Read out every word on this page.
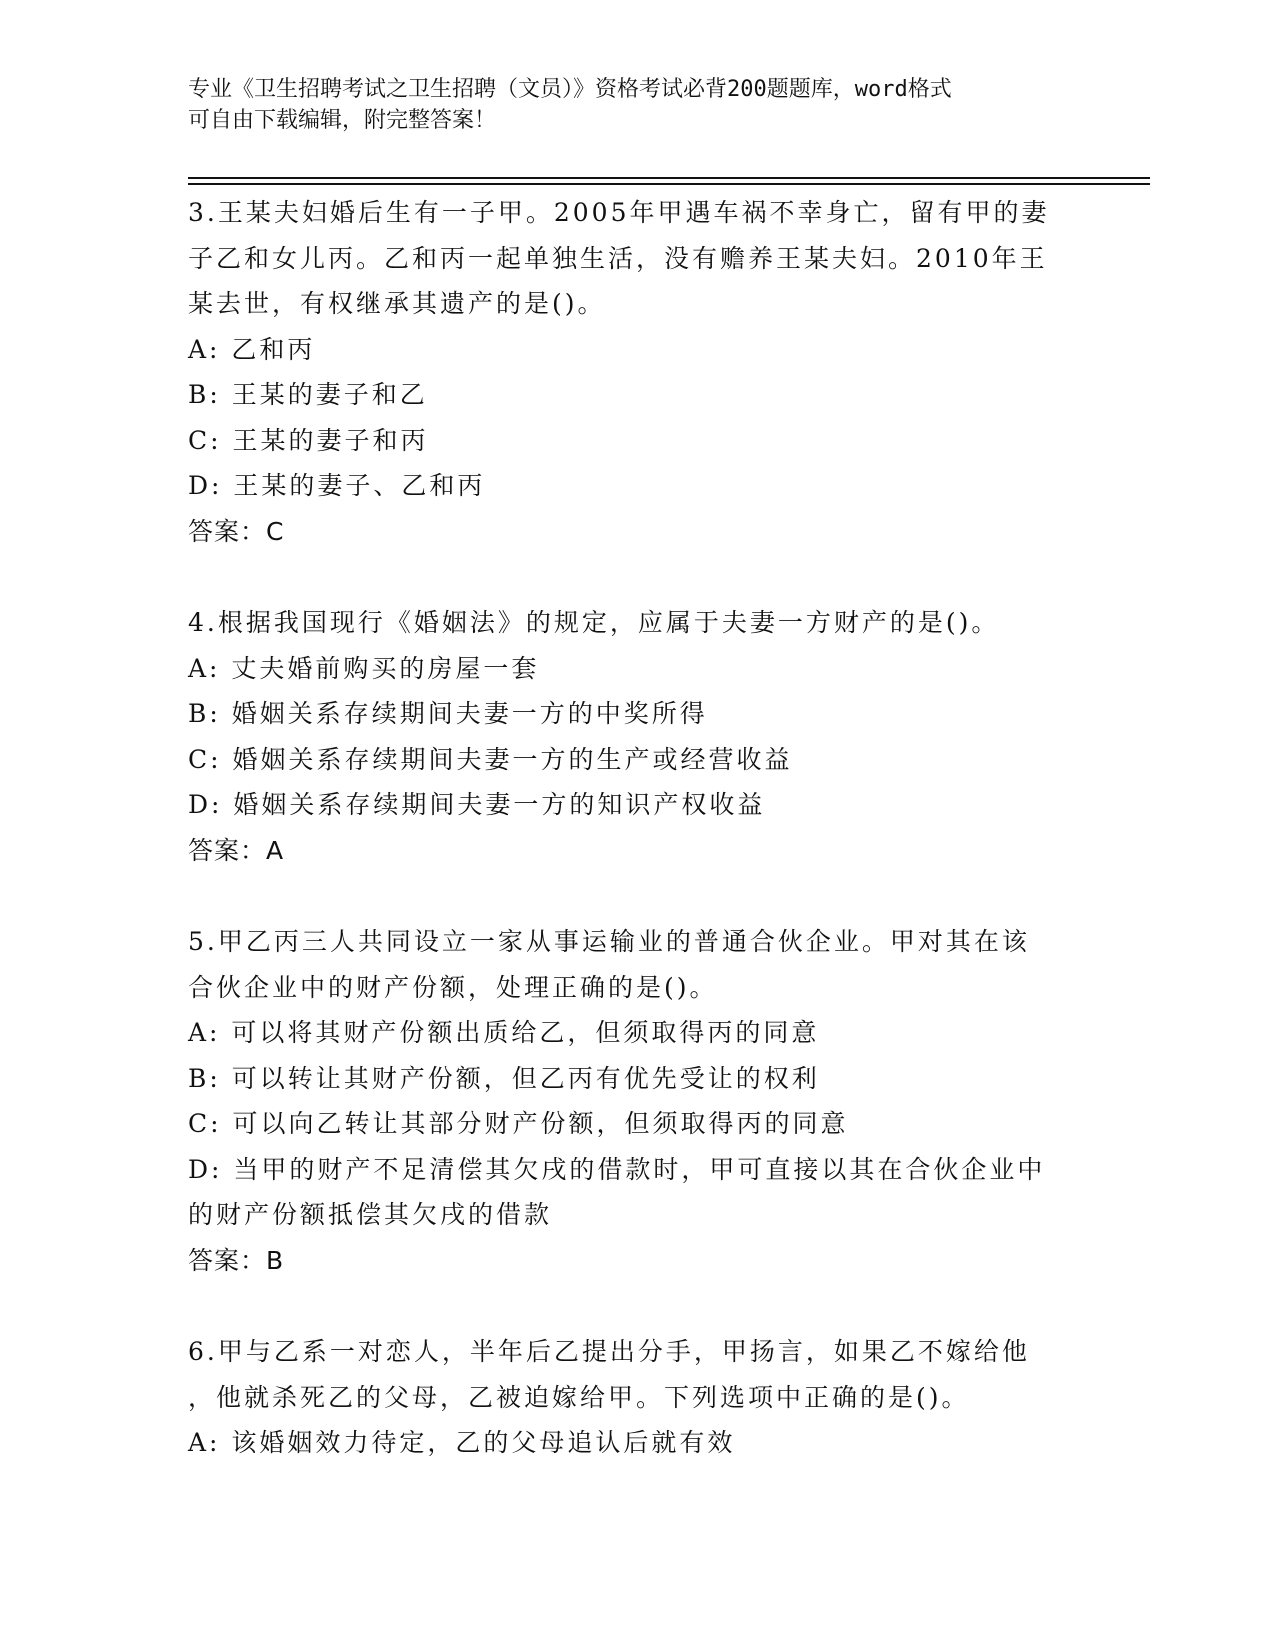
专业《卫生招聘考试之卫生招聘（文员）》资格考试必背200题题库，word格式
可自由下载编辑，附完整答案！

3.王某夫妇婚后生有一子甲。2005年甲遇车祸不幸身亡，留有甲的妻

子乙和女儿丙。乙和丙一起单独生活，没有赡养王某夫妇。2010年王

某去世，有权继承其遗产的是()。

A: 乙和丙

B: 王某的妻子和乙

C: 王某的妻子和丙

D: 王某的妻子、乙和丙

答案：C

4.根据我国现行《婚姻法》的规定，应属于夫妻一方财产的是()。

A: 丈夫婚前购买的房屋一套

B: 婚姻关系存续期间夫妻一方的中奖所得

C: 婚姻关系存续期间夫妻一方的生产或经营收益

D: 婚姻关系存续期间夫妻一方的知识产权收益

答案：A

5.甲乙丙三人共同设立一家从事运输业的普通合伙企业。甲对其在该

合伙企业中的财产份额，处理正确的是()。

A: 可以将其财产份额出质给乙，但须取得丙的同意

B: 可以转让其财产份额，但乙丙有优先受让的权利

C: 可以向乙转让其部分财产份额，但须取得丙的同意

D: 当甲的财产不足清偿其欠戌的借款时，甲可直接以其在合伙企业中

的财产份额抵偿其欠戌的借款

答案：B

6.甲与乙系一对恋人，半年后乙提出分手，甲扬言，如果乙不嫁给他

，他就杀死乙的父母，乙被迫嫁给甲。下列选项中正确的是()。

A: 该婚姻效力待定，乙的父母追认后就有效
